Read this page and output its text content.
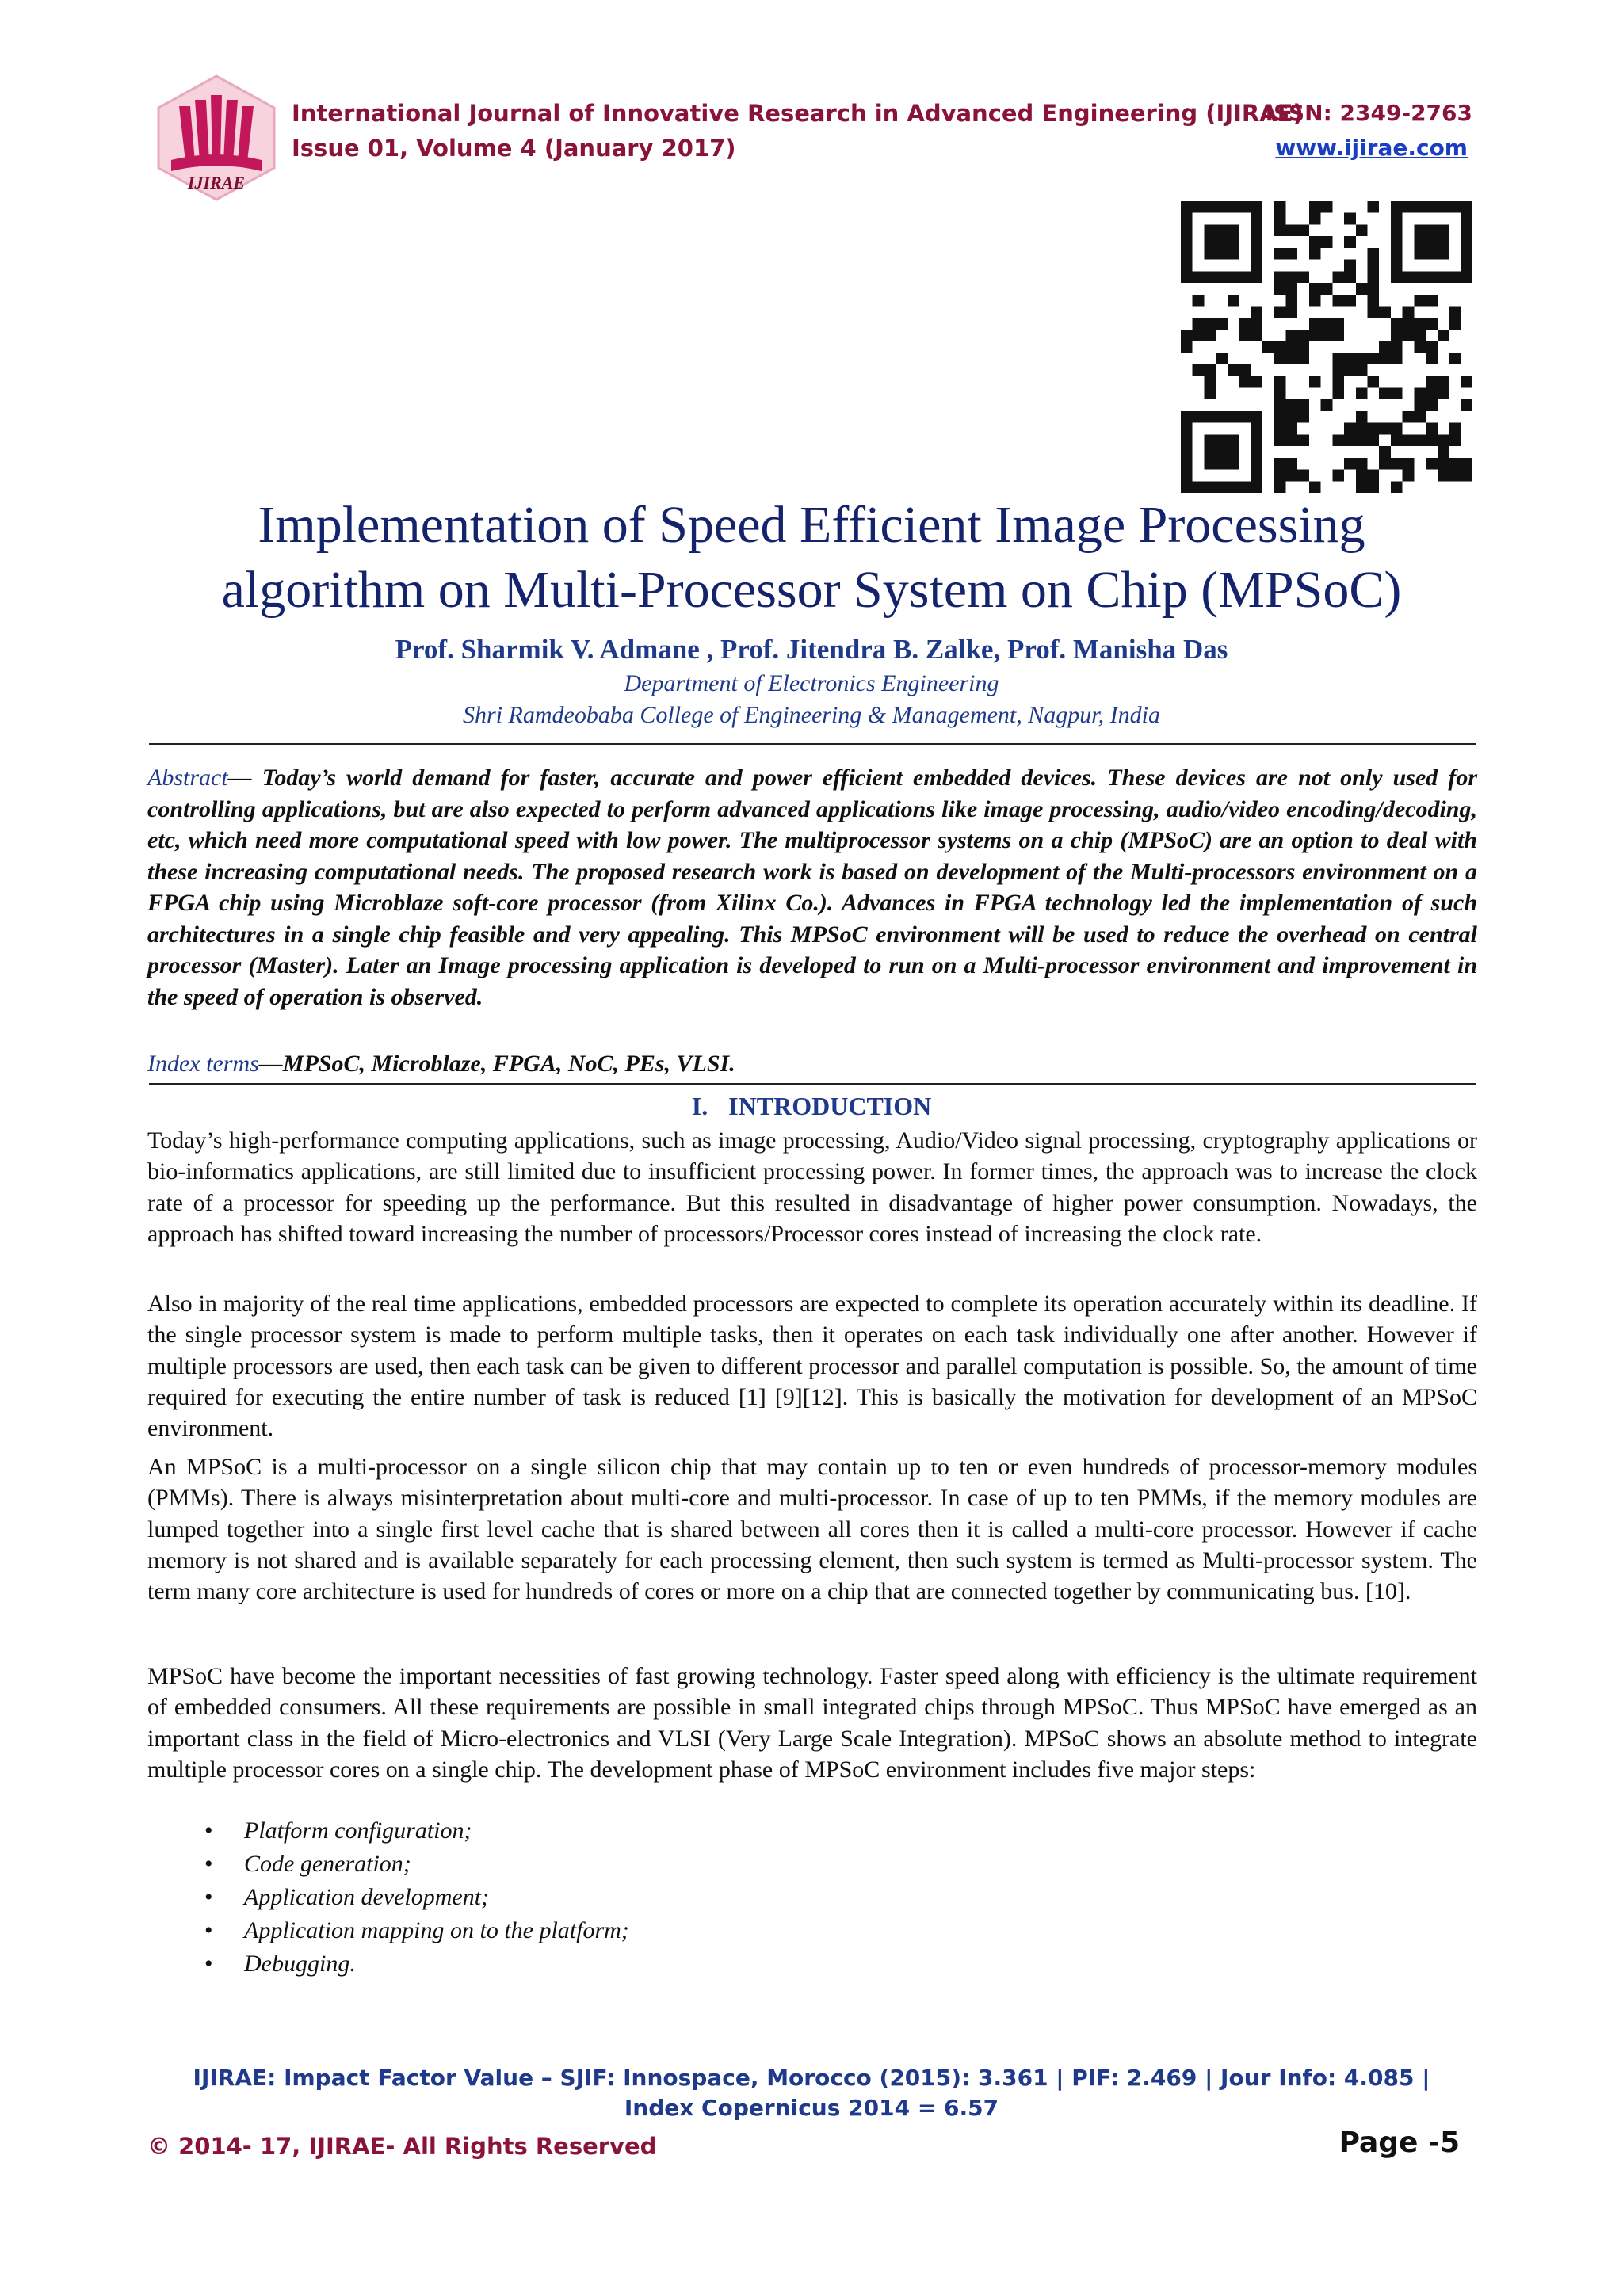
IJIRAE
International Journal of Innovative Research in Advanced Engineering (IJIRAE)
Issue 01, Volume 4 (January 2017)
ISSN: 2349-2763
www.ijirae.com
Implementation of Speed Efficient Image Processing
algorithm on Multi-Processor System on Chip (MPSoC)
Prof. Sharmik V. Admane , Prof. Jitendra B. Zalke, Prof. Manisha Das
Department of Electronics Engineering
Shri Ramdeobaba College of Engineering & Management, Nagpur, India
Abstract— Today’s world demand for faster, accurate and power efficient embedded devices. These devices are not only used for controlling applications, but are also expected to perform advanced applications like image processing, audio/video encoding/decoding, etc, which need more computational speed with low power. The multiprocessor systems on a chip (MPSoC) are an option to deal with these increasing computational needs. The proposed research work is based on development of the Multi-processors environment on a FPGA chip using Microblaze soft-core processor (from Xilinx Co.). Advances in FPGA technology led the implementation of such architectures in a single chip feasible and very appealing. This MPSoC environment will be used to reduce the overhead on central processor (Master). Later an Image processing application is developed to run on a Multi-processor environment and improvement in the speed of operation is observed.
Index terms—MPSoC, Microblaze, FPGA, NoC, PEs, VLSI.
I. INTRODUCTION
Today’s high-performance computing applications, such as image processing, Audio/Video signal processing, cryptography applications or bio-informatics applications, are still limited due to insufficient processing power. In former times, the approach was to increase the clock rate of a processor for speeding up the performance. But this resulted in disadvantage of higher power consumption. Nowadays, the approach has shifted toward increasing the number of processors/Processor cores instead of increasing the clock rate.
Also in majority of the real time applications, embedded processors are expected to complete its operation accurately within its deadline. If the single processor system is made to perform multiple tasks, then it operates on each task individually one after another. However if multiple processors are used, then each task can be given to different processor and parallel computation is possible. So, the amount of time required for executing the entire number of task is reduced [1] [9][12]. This is basically the motivation for development of an MPSoC environment.
An MPSoC is a multi-processor on a single silicon chip that may contain up to ten or even hundreds of processor-memory modules (PMMs). There is always misinterpretation about multi-core and multi-processor. In case of up to ten PMMs, if the memory modules are lumped together into a single first level cache that is shared between all cores then it is called a multi-core processor. However if cache memory is not shared and is available separately for each processing element, then such system is termed as Multi-processor system. The term many core architecture is used for hundreds of cores or more on a chip that are connected together by communicating bus. [10].
MPSoC have become the important necessities of fast growing technology. Faster speed along with efficiency is the ultimate requirement of embedded consumers. All these requirements are possible in small integrated chips through MPSoC. Thus MPSoC have emerged as an important class in the field of Micro-electronics and VLSI (Very Large Scale Integration). MPSoC shows an absolute method to integrate multiple processor cores on a single chip. The development phase of MPSoC environment includes five major steps:
• Platform configuration;
• Code generation;
• Application development;
• Application mapping on to the platform;
• Debugging.
IJIRAE: Impact Factor Value – SJIF: Innospace, Morocco (2015): 3.361 | PIF: 2.469 | Jour Info: 4.085 |
Index Copernicus 2014 = 6.57
© 2014- 17, IJIRAE- All Rights Reserved	Page -5
